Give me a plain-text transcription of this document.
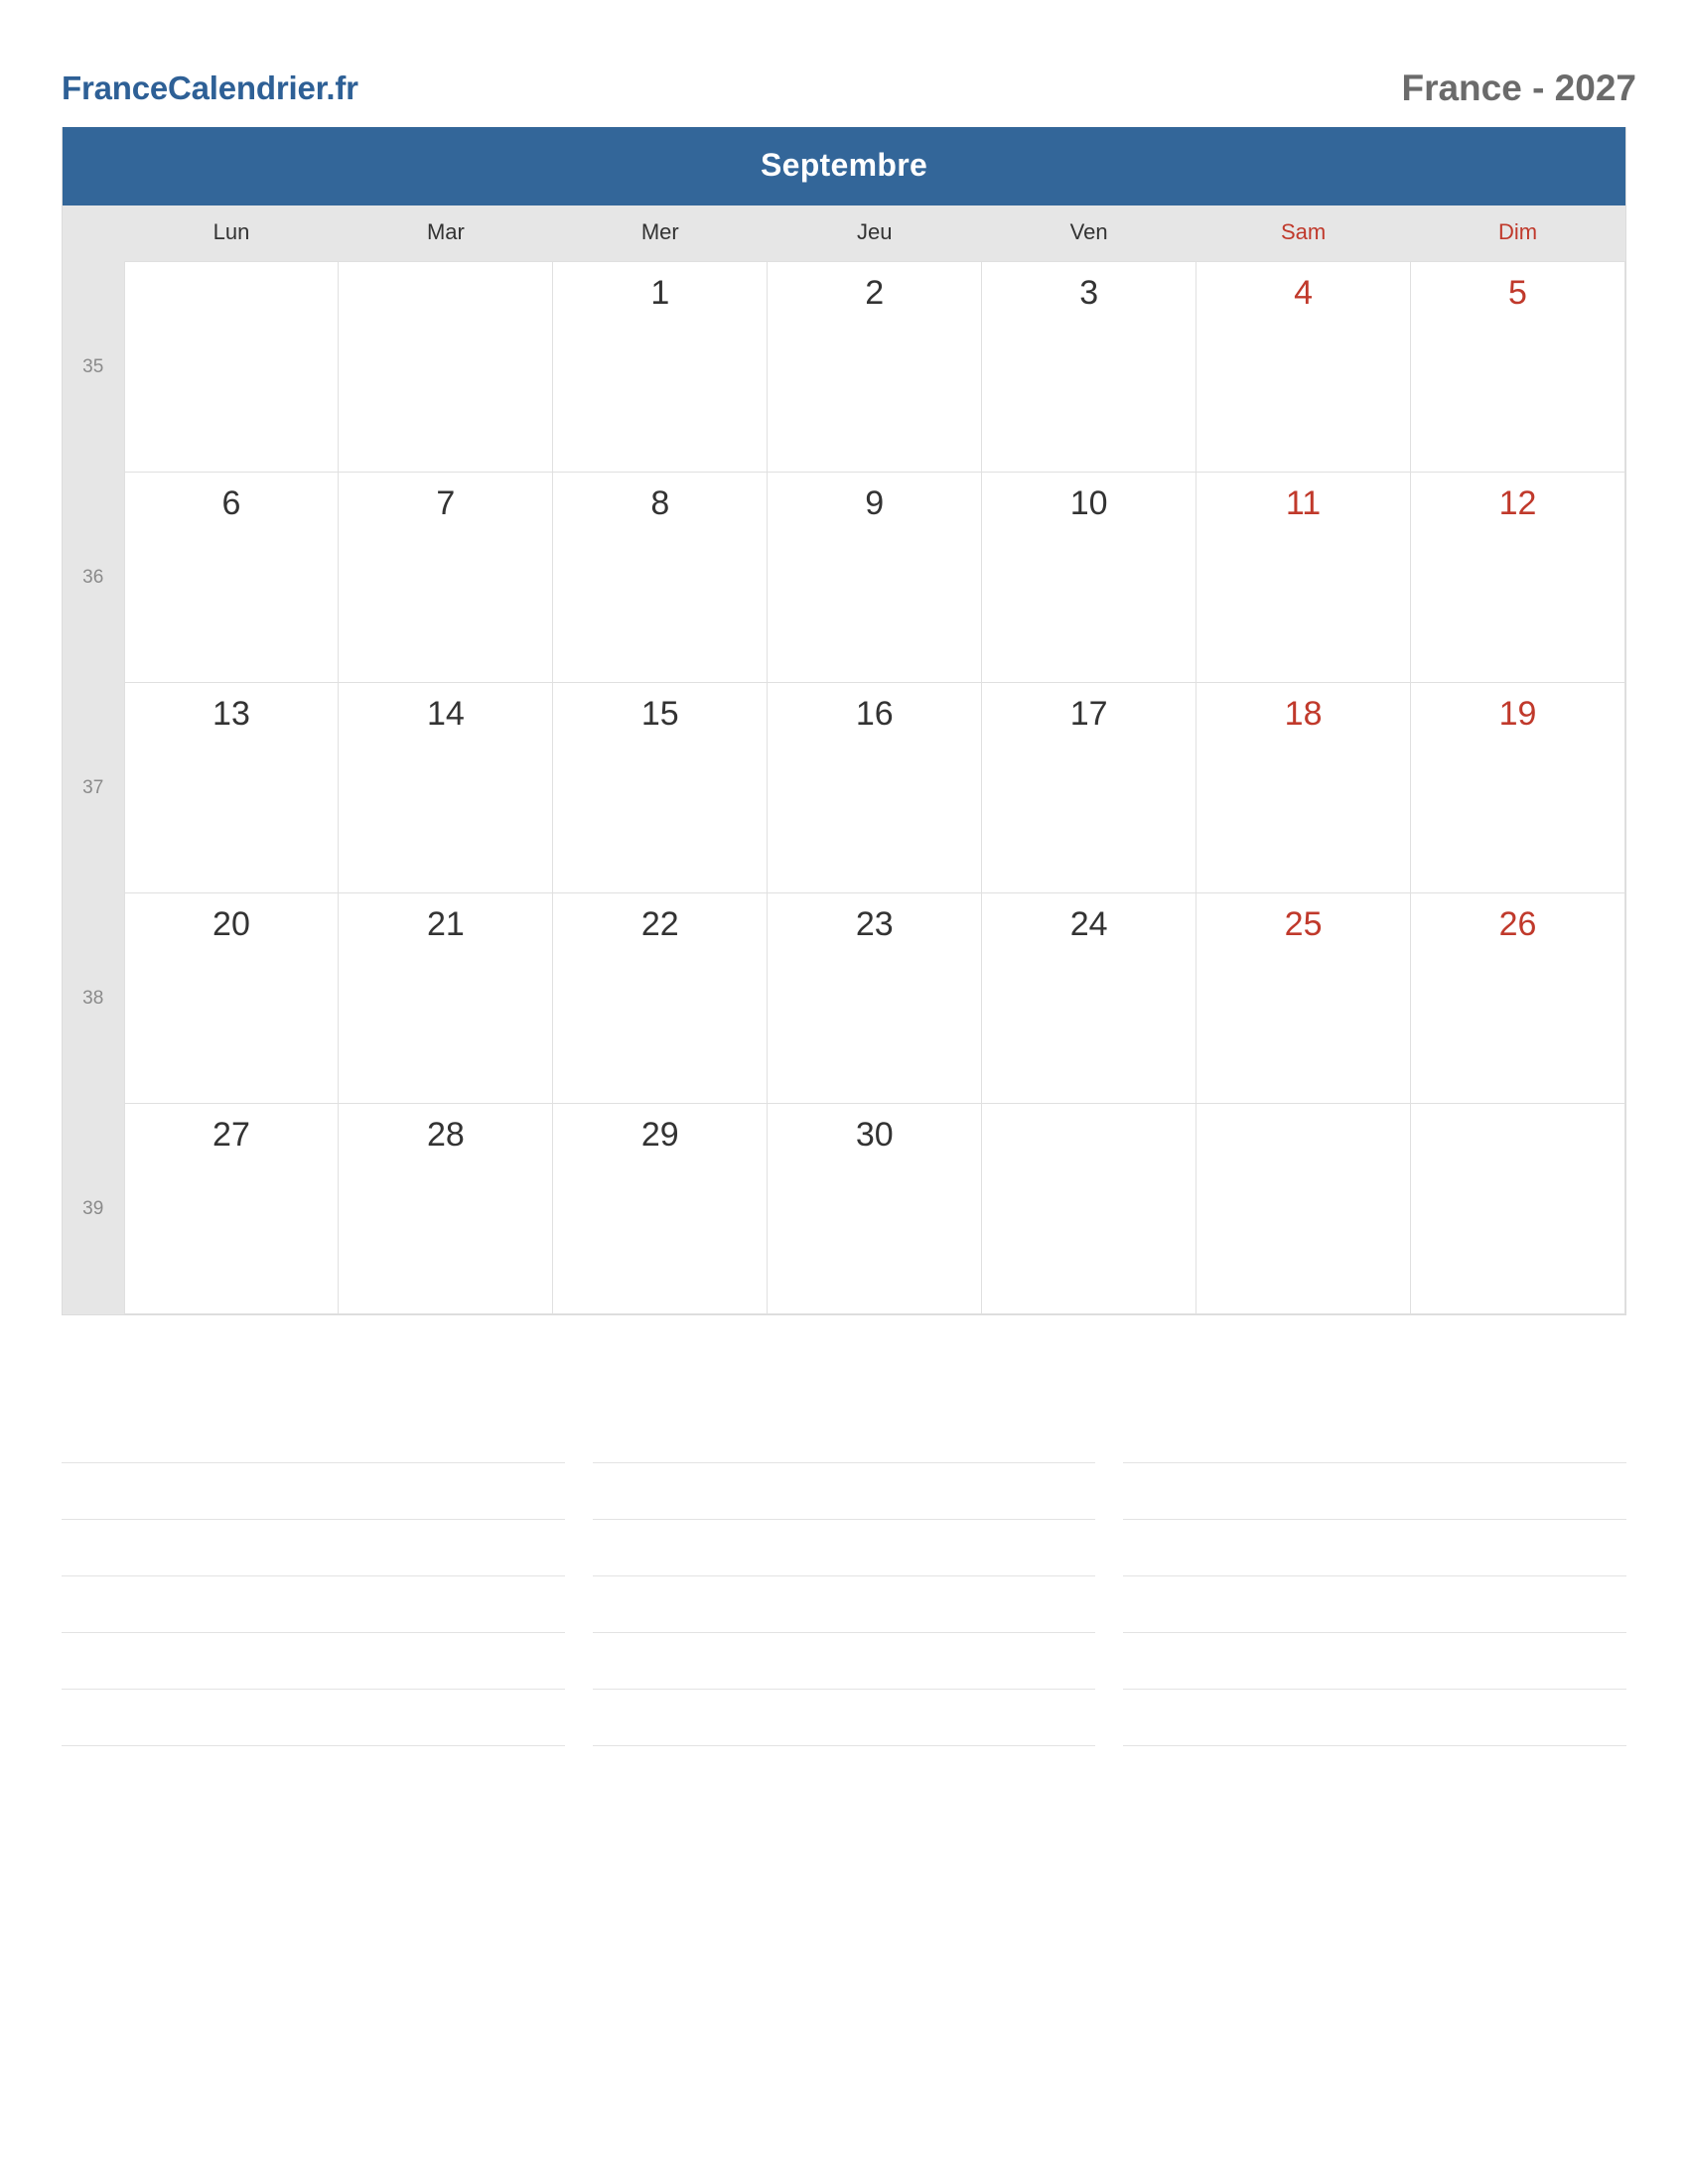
FranceCalendrier.fr	France - 2027
Septembre
	Lun	Mar	Mer	Jeu	Ven	Sam	Dim
35			1	2	3	4	5

36	6	7	8	9	10	11	12

37	13	14	15	16	17	18	19

38	20	21	22	23	24	25	26

39	27	28	29	30			
